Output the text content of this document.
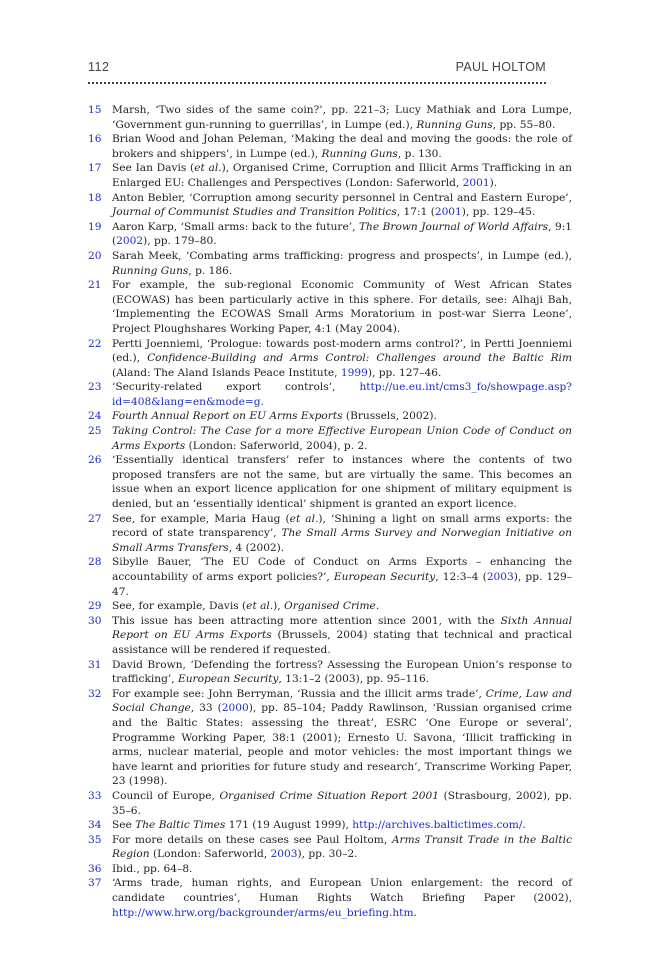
112	PAUL HOLTOM
15 Marsh, ‘Two sides of the same coin?’, pp. 221–3; Lucy Mathiak and Lora Lumpe, ‘Government gun-running to guerrillas’, in Lumpe (ed.), Running Guns, pp. 55–80.
16 Brian Wood and Johan Peleman, ‘Making the deal and moving the goods: the role of brokers and shippers’, in Lumpe (ed.), Running Guns, p. 130.
17 See Ian Davis (et al.), Organised Crime, Corruption and Illicit Arms Trafficking in an Enlarged EU: Challenges and Perspectives (London: Saferworld, 2001).
18 Anton Bebler, ‘Corruption among security personnel in Central and Eastern Europe’, Journal of Communist Studies and Transition Politics, 17:1 (2001), pp. 129–45.
19 Aaron Karp, ‘Small arms: back to the future’, The Brown Journal of World Affairs, 9:1 (2002), pp. 179–80.
20 Sarah Meek, ‘Combating arms trafficking: progress and prospects’, in Lumpe (ed.), Running Guns, p. 186.
21 For example, the sub-regional Economic Community of West African States (ECOWAS) has been particularly active in this sphere. For details, see: Alhaji Bah, ‘Implementing the ECOWAS Small Arms Moratorium in post-war Sierra Leone’, Project Ploughshares Working Paper, 4:1 (May 2004).
22 Pertti Joenniemi, ‘Prologue: towards post-modern arms control?’, in Pertti Joenniemi (ed.), Confidence-Building and Arms Control: Challenges around the Baltic Rim (Aland: The Aland Islands Peace Institute, 1999), pp. 127–46.
23 ‘Security-related export controls’, http://ue.eu.int/cms3_fo/showpage.asp?id=408&lang=en&mode=g.
24 Fourth Annual Report on EU Arms Exports (Brussels, 2002).
25 Taking Control: The Case for a more Effective European Union Code of Conduct on Arms Exports (London: Saferworld, 2004), p. 2.
26 ‘Essentially identical transfers’ refer to instances where the contents of two proposed transfers are not the same, but are virtually the same. This becomes an issue when an export licence application for one shipment of military equipment is denied, but an ‘essentially identical’ shipment is granted an export licence.
27 See, for example, Maria Haug (et al.), ‘Shining a light on small arms exports: the record of state transparency’, The Small Arms Survey and Norwegian Initiative on Small Arms Transfers, 4 (2002).
28 Sibylle Bauer, ‘The EU Code of Conduct on Arms Exports – enhancing the accountability of arms export policies?’, European Security, 12:3–4 (2003), pp. 129–47.
29 See, for example, Davis (et al.), Organised Crime.
30 This issue has been attracting more attention since 2001, with the Sixth Annual Report on EU Arms Exports (Brussels, 2004) stating that technical and practical assistance will be rendered if requested.
31 David Brown, ‘Defending the fortress? Assessing the European Union’s response to trafficking’, European Security, 13:1–2 (2003), pp. 95–116.
32 For example see: John Berryman, ‘Russia and the illicit arms trade’, Crime, Law and Social Change, 33 (2000), pp. 85–104; Paddy Rawlinson, ‘Russian organised crime and the Baltic States: assessing the threat’, ESRC ‘One Europe or several’, Programme Working Paper, 38:1 (2001); Ernesto U. Savona, ‘Illicit trafficking in arms, nuclear material, people and motor vehicles: the most important things we have learnt and priorities for future study and research’, Transcrime Working Paper, 23 (1998).
33 Council of Europe, Organised Crime Situation Report 2001 (Strasbourg, 2002), pp. 35–6.
34 See The Baltic Times 171 (19 August 1999), http://archives.baltictimes.com/.
35 For more details on these cases see Paul Holtom, Arms Transit Trade in the Baltic Region (London: Saferworld, 2003), pp. 30–2.
36 Ibid., pp. 64–8.
37 ‘Arms trade, human rights, and European Union enlargement: the record of candidate countries’, Human Rights Watch Briefing Paper (2002), http://www.hrw.org/backgrounder/arms/eu_briefing.htm.
